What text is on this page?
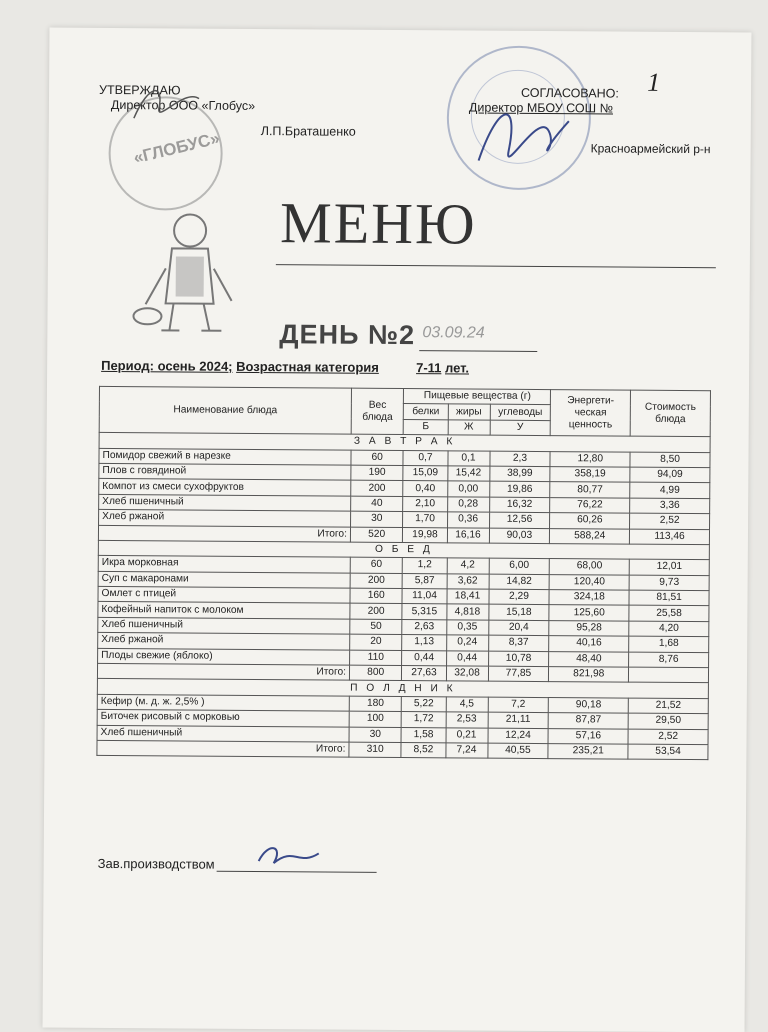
«ГЛОБУС»
УТВЕРЖДАЮ
Директор ООО «Глобус»
Л.П.Браташенко
СОГЛАСОВАНО:
Директор МБОУ СОШ №
1
Красноармейский р-н
МЕНЮ
ДЕНЬ №2 03.09.24
Период: осень 2024; Возрастная категория	7-11 лет.
Наименование блюда	Вес блюда	Пищевые вещества (г)			Энергети-ческая ценность	Стоимость блюда
		белки	жиры	углеводы		
		Б	Ж	У		
З А В Т Р А К						
Помидор свежий в нарезке	60	0,7	0,1	2,3	12,80	8,50
Плов с говядиной	190	15,09	15,42	38,99	358,19	94,09
Компот из смеси сухофруктов	200	0,40	0,00	19,86	80,77	4,99
Хлеб пшеничный	40	2,10	0,28	16,32	76,22	3,36
Хлеб ржаной	30	1,70	0,36	12,56	60,26	2,52
Итого:	520	19,98	16,16	90,03	588,24	113,46
О Б Е Д						
Икра морковная	60	1,2	4,2	6,00	68,00	12,01
Суп с макаронами	200	5,87	3,62	14,82	120,40	9,73
Омлет с птицей	160	11,04	18,41	2,29	324,18	81,51
Кофейный напиток с молоком	200	5,315	4,818	15,18	125,60	25,58
Хлеб пшеничный	50	2,63	0,35	20,4	95,28	4,20
Хлеб ржаной	20	1,13	0,24	8,37	40,16	1,68
Плоды свежие (яблоко)	110	0,44	0,44	10,78	48,40	8,76
Итого:	800	27,63	32,08	77,85	821,98	
П О Л Д Н И К						
Кефир (м. д. ж. 2,5% )	180	5,22	4,5	7,2	90,18	21,52
Биточек рисовый с морковью	100	1,72	2,53	21,11	87,87	29,50
Хлеб пшеничный	30	1,58	0,21	12,24	57,16	2,52
Итого:	310	8,52	7,24	40,55	235,21	53,54
Зав.производством
